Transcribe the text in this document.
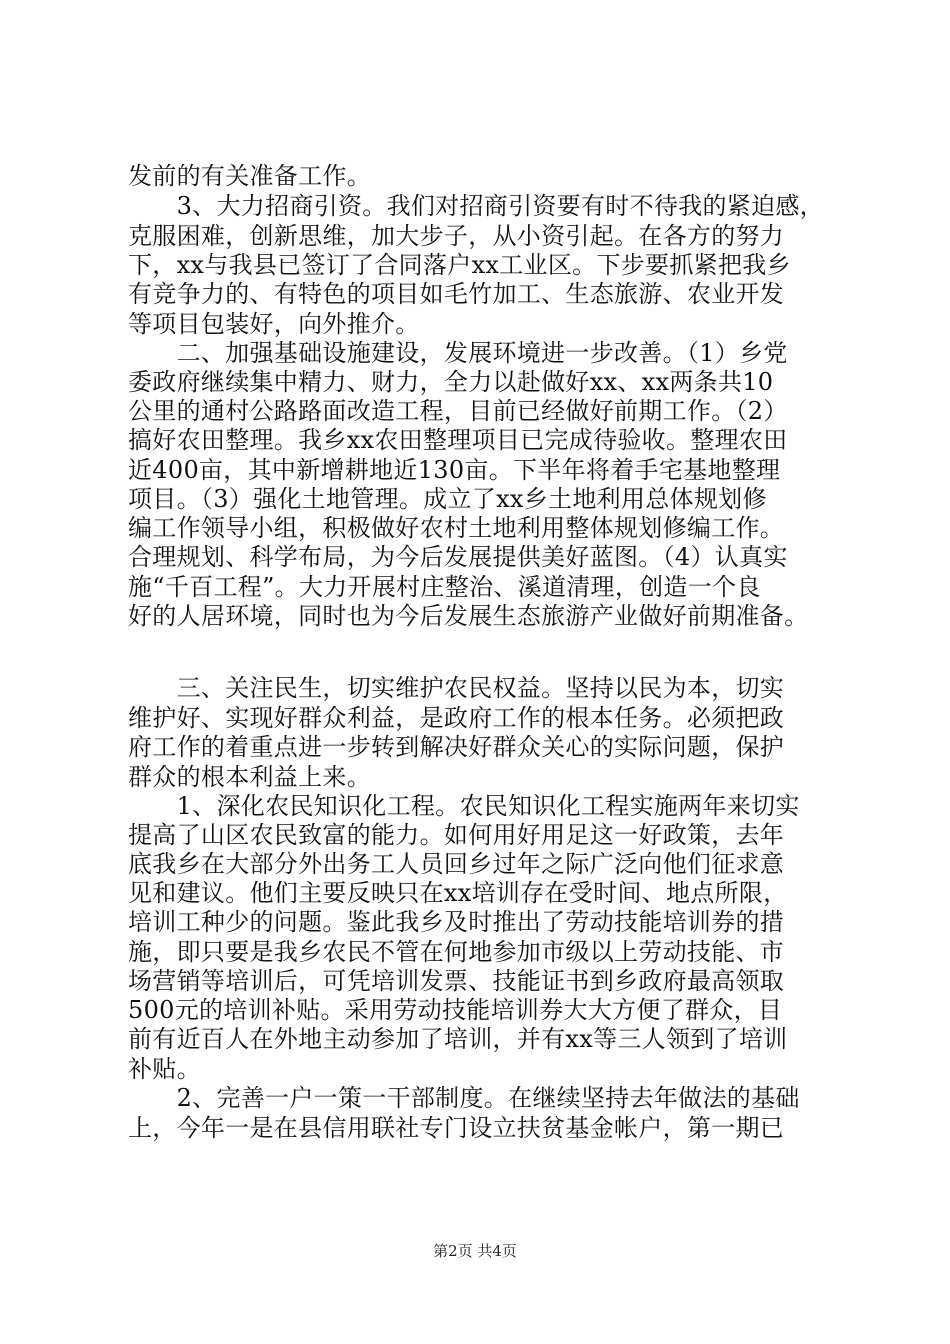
发前的有关准备工作。
　　3、大力招商引资。我们对招商引资要有时不待我的紧迫感，
克服困难，创新思维，加大步子，从小资引起。在各方的努力
下，xx与我县已签订了合同落户xx工业区。下步要抓紧把我乡
有竞争力的、有特色的项目如毛竹加工、生态旅游、农业开发
等项目包装好，向外推介。
　　二、加强基础设施建设，发展环境进一步改善。（1）乡党
委政府继续集中精力、财力，全力以赴做好xx、xx两条共10
公里的通村公路路面改造工程，目前已经做好前期工作。（2）
搞好农田整理。我乡xx农田整理项目已完成待验收。整理农田
近400亩，其中新增耕地近130亩。下半年将着手宅基地整理
项目。（3）强化土地管理。成立了xx乡土地利用总体规划修
编工作领导小组，积极做好农村土地利用整体规划修编工作。
合理规划、科学布局，为今后发展提供美好蓝图。（4）认真实
施“千百工程”。大力开展村庄整治、溪道清理，创造一个良
好的人居环境，同时也为今后发展生态旅游产业做好前期准备。
　　三、关注民生，切实维护农民权益。坚持以民为本，切实
维护好、实现好群众利益，是政府工作的根本任务。必须把政
府工作的着重点进一步转到解决好群众关心的实际问题，保护
群众的根本利益上来。
　　1、深化农民知识化工程。农民知识化工程实施两年来切实
提高了山区农民致富的能力。如何用好用足这一好政策，去年
底我乡在大部分外出务工人员回乡过年之际广泛向他们征求意
见和建议。他们主要反映只在xx培训存在受时间、地点所限，
培训工种少的问题。鉴此我乡及时推出了劳动技能培训券的措
施，即只要是我乡农民不管在何地参加市级以上劳动技能、市
场营销等培训后，可凭培训发票、技能证书到乡政府最高领取
500元的培训补贴。采用劳动技能培训券大大方便了群众，目
前有近百人在外地主动参加了培训，并有xx等三人领到了培训
补贴。
　　2、完善一户一策一干部制度。在继续坚持去年做法的基础
上，今年一是在县信用联社专门设立扶贫基金帐户，第一期已
第2页 共4页
